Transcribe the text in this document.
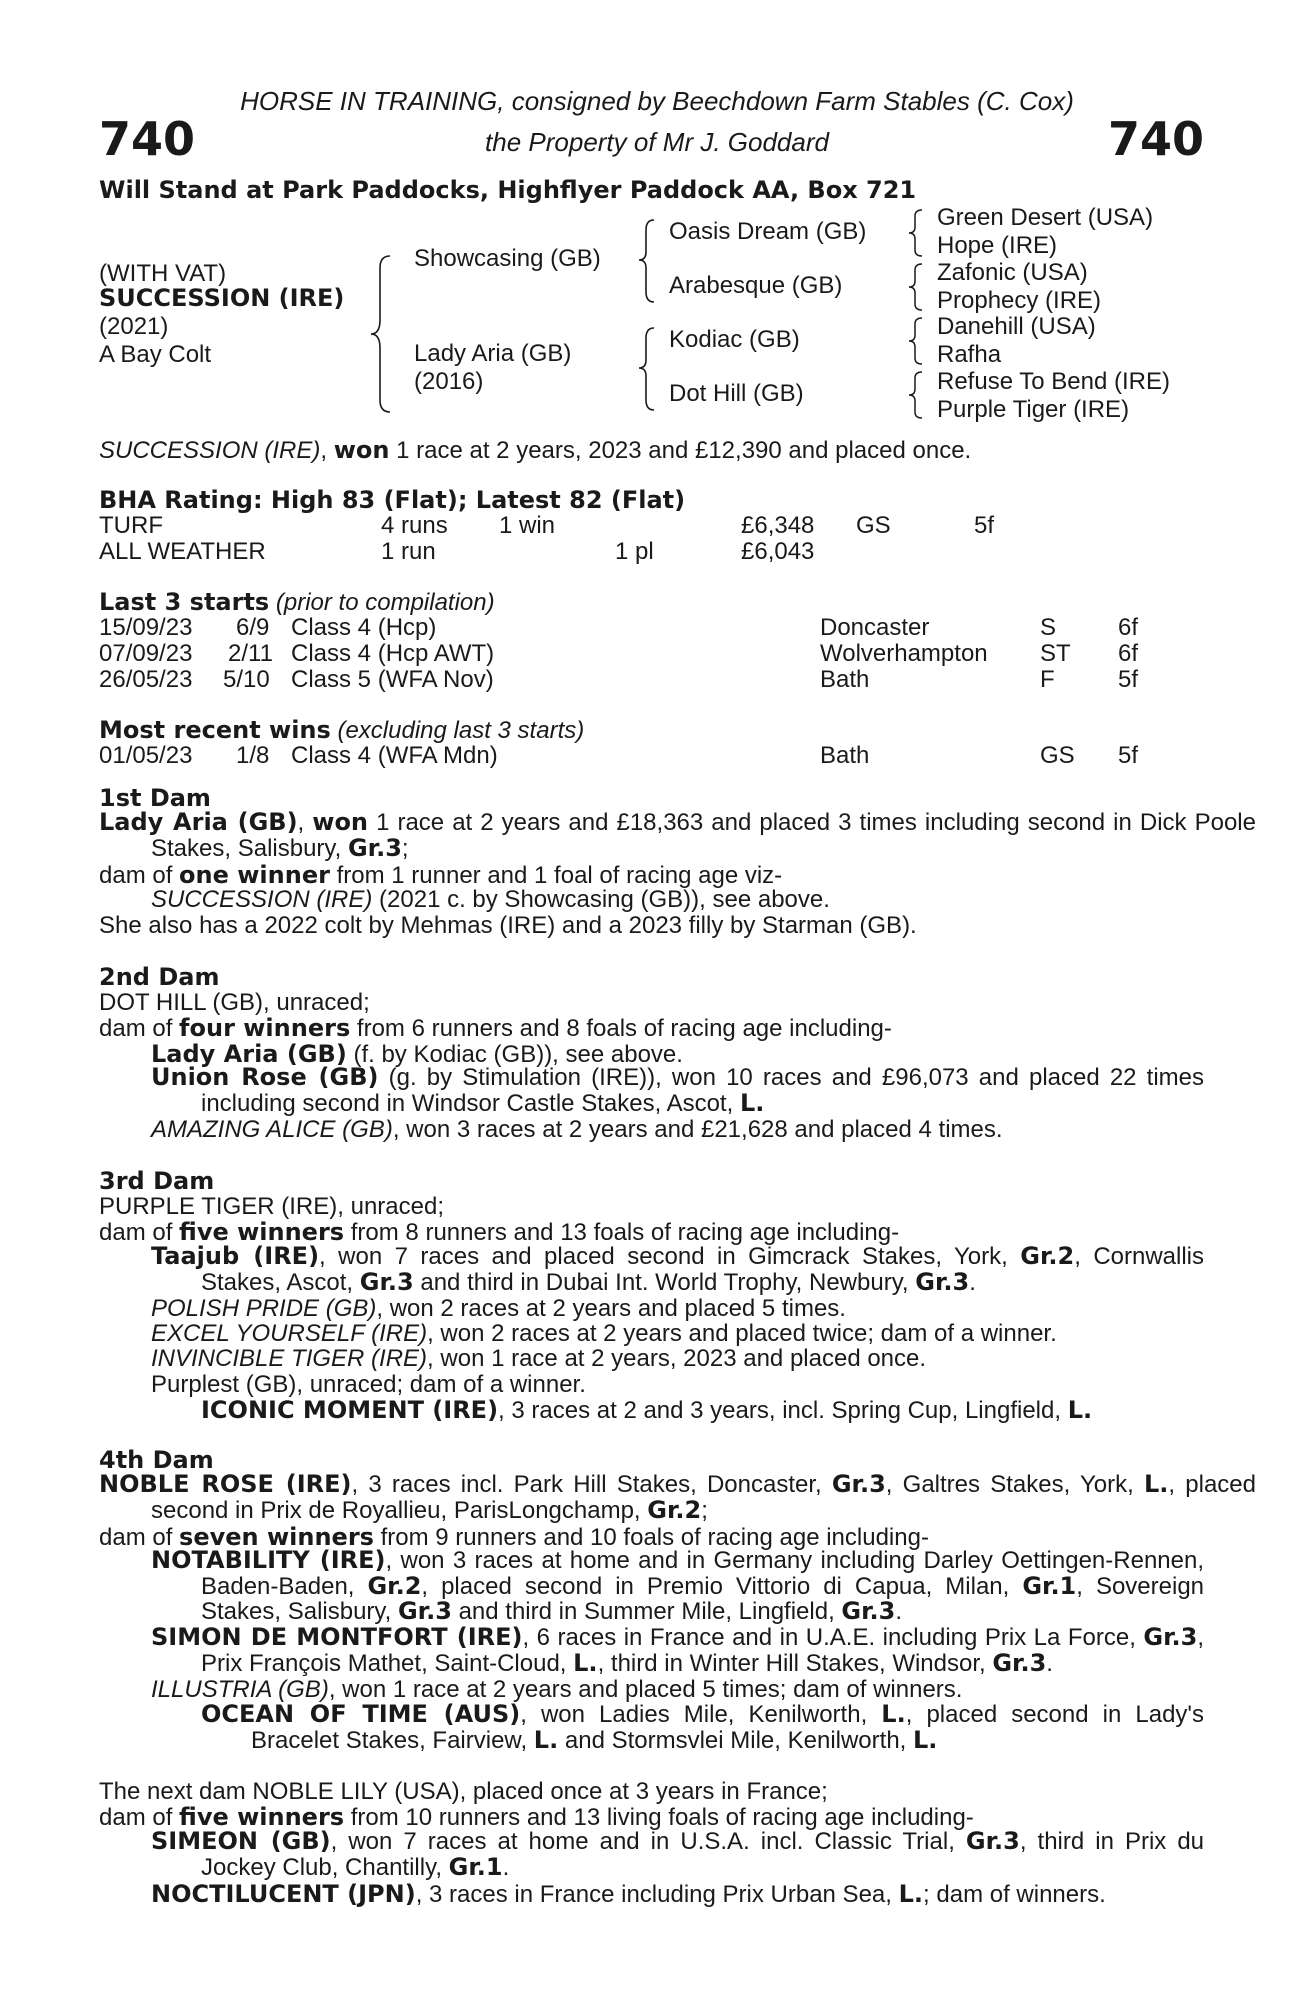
740	740
HORSE IN TRAINING, consigned by Beechdown Farm Stables (C. Cox)
the Property of Mr J. Goddard
Will Stand at Park Paddocks, Highflyer Paddock AA, Box 721
(WITH VAT)
SUCCESSION (IRE)
(2021)
A Bay Colt
Showcasing (GB)
Lady Aria (GB)
(2016)
Oasis Dream (GB)
Arabesque (GB)
Kodiac (GB)
Dot Hill (GB)
Green Desert (USA)
Hope (IRE)
Zafonic (USA)
Prophecy (IRE)
Danehill (USA)
Rafha
Refuse To Bend (IRE)
Purple Tiger (IRE)
SUCCESSION (IRE), won 1 race at 2 years, 2023 and £12,390 and placed once.
BHA Rating: High 83 (Flat); Latest 82 (Flat)
TURF	4 runs 1 win	£6,348 GS	5f
ALL WEATHER	1 run	1 pl	£6,043
Last 3 starts (prior to compilation)
15/09/23 6/9 Class 4 (Hcp)	Doncaster	S	6f
07/09/23 2/11 Class 4 (Hcp AWT)	Wolverhampton ST 6f
26/05/23 5/10 Class 5 (WFA Nov)	Bath	F	5f
Most recent wins (excluding last 3 starts)
01/05/23 1/8 Class 4 (WFA Mdn)	Bath	GS 5f
1st Dam
Lady Aria (GB), won 1 race at 2 years and £18,363 and placed 3 times including second in Dick Poole Stakes, Salisbury, Gr.3;
dam of one winner from 1 runner and 1 foal of racing age viz-
SUCCESSION (IRE) (2021 c. by Showcasing (GB)), see above.
She also has a 2022 colt by Mehmas (IRE) and a 2023 filly by Starman (GB).
2nd Dam
DOT HILL (GB), unraced;
dam of four winners from 6 runners and 8 foals of racing age including-
Lady Aria (GB) (f. by Kodiac (GB)), see above.
Union Rose (GB) (g. by Stimulation (IRE)), won 10 races and £96,073 and placed 22 times including second in Windsor Castle Stakes, Ascot, L.
AMAZING ALICE (GB), won 3 races at 2 years and £21,628 and placed 4 times.
3rd Dam
PURPLE TIGER (IRE), unraced;
dam of five winners from 8 runners and 13 foals of racing age including-
Taajub (IRE), won 7 races and placed second in Gimcrack Stakes, York, Gr.2, Cornwallis Stakes, Ascot, Gr.3 and third in Dubai Int. World Trophy, Newbury, Gr.3.
POLISH PRIDE (GB), won 2 races at 2 years and placed 5 times.
EXCEL YOURSELF (IRE), won 2 races at 2 years and placed twice; dam of a winner.
INVINCIBLE TIGER (IRE), won 1 race at 2 years, 2023 and placed once.
Purplest (GB), unraced; dam of a winner.
ICONIC MOMENT (IRE), 3 races at 2 and 3 years, incl. Spring Cup, Lingfield, L.
4th Dam
NOBLE ROSE (IRE), 3 races incl. Park Hill Stakes, Doncaster, Gr.3, Galtres Stakes, York, L., placed second in Prix de Royallieu, ParisLongchamp, Gr.2;
dam of seven winners from 9 runners and 10 foals of racing age including-
NOTABILITY (IRE), won 3 races at home and in Germany including Darley Oettingen-Rennen, Baden-Baden, Gr.2, placed second in Premio Vittorio di Capua, Milan, Gr.1, Sovereign Stakes, Salisbury, Gr.3 and third in Summer Mile, Lingfield, Gr.3.
SIMON DE MONTFORT (IRE), 6 races in France and in U.A.E. including Prix La Force, Gr.3, Prix François Mathet, Saint-Cloud, L., third in Winter Hill Stakes, Windsor, Gr.3.
ILLUSTRIA (GB), won 1 race at 2 years and placed 5 times; dam of winners.
OCEAN OF TIME (AUS), won Ladies Mile, Kenilworth, L., placed second in Lady's Bracelet Stakes, Fairview, L. and Stormsvlei Mile, Kenilworth, L.
The next dam NOBLE LILY (USA), placed once at 3 years in France;
dam of five winners from 10 runners and 13 living foals of racing age including-
SIMEON (GB), won 7 races at home and in U.S.A. incl. Classic Trial, Gr.3, third in Prix du Jockey Club, Chantilly, Gr.1.
NOCTILUCENT (JPN), 3 races in France including Prix Urban Sea, L.; dam of winners.
